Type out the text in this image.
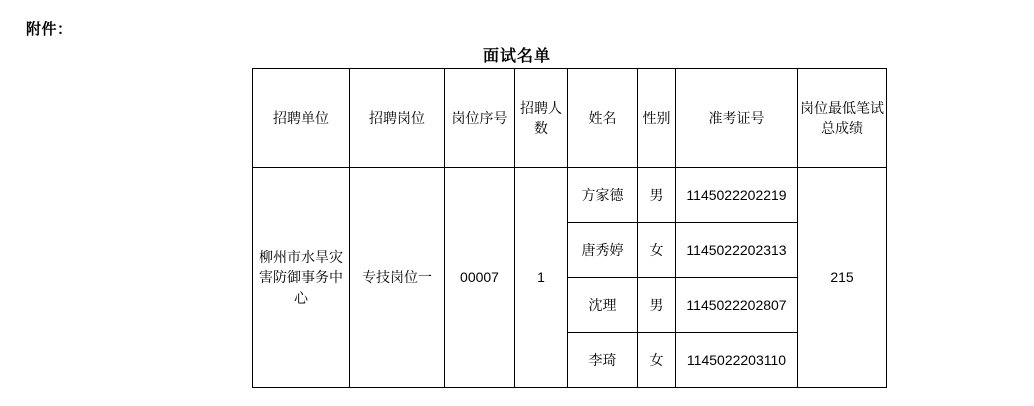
附件：
面试名单
招聘单位	招聘岗位	岗位序号	招聘人数	姓名	性别	准考证号	岗位最低笔试总成绩
柳州市水旱灾害防御事务中心	专技岗位一	00007	1	方家德	男	1145022202219	215
				唐秀婷	女	1145022202313	
				沈理	男	1145022202807	
				李琦	女	1145022203110	
